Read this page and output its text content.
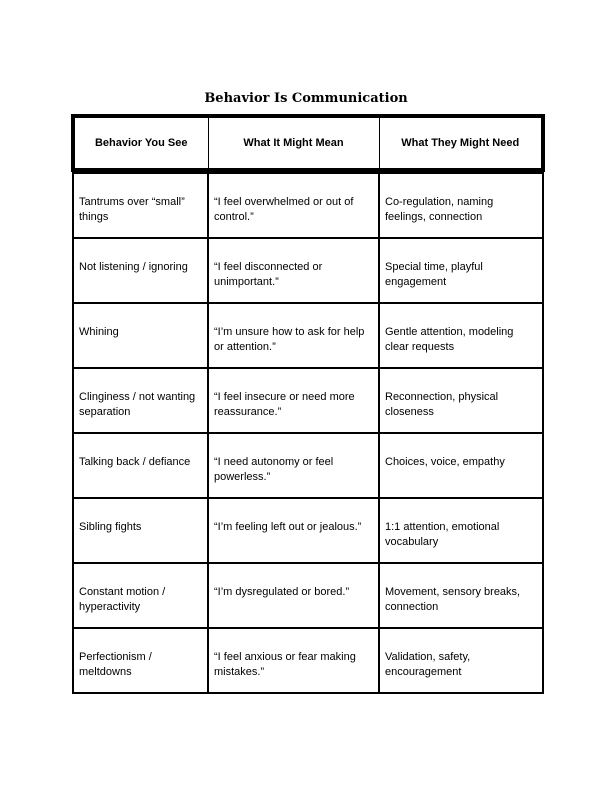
Behavior Is Communication
Behavior You See	What It Might Mean	What They Might Need

Tantrums over “small” things	“I feel overwhelmed or out of control.”	Co-regulation, naming feelings, connection

Not listening / ignoring	“I feel disconnected or unimportant.”	Special time, playful engagement

Whining	“I’m unsure how to ask for help or attention.”	Gentle attention, modeling clear requests

Clinginess / not wanting separation	“I feel insecure or need more reassurance.”	Reconnection, physical closeness

Talking back / defiance	“I need autonomy or feel powerless.”	Choices, voice, empathy

Sibling fights	“I’m feeling left out or jealous.”	1:1 attention, emotional vocabulary

Constant motion / hyperactivity	“I’m dysregulated or bored.”	Movement, sensory breaks, connection

Perfectionism / meltdowns	“I feel anxious or fear making mistakes.”	Validation, safety, encouragement
